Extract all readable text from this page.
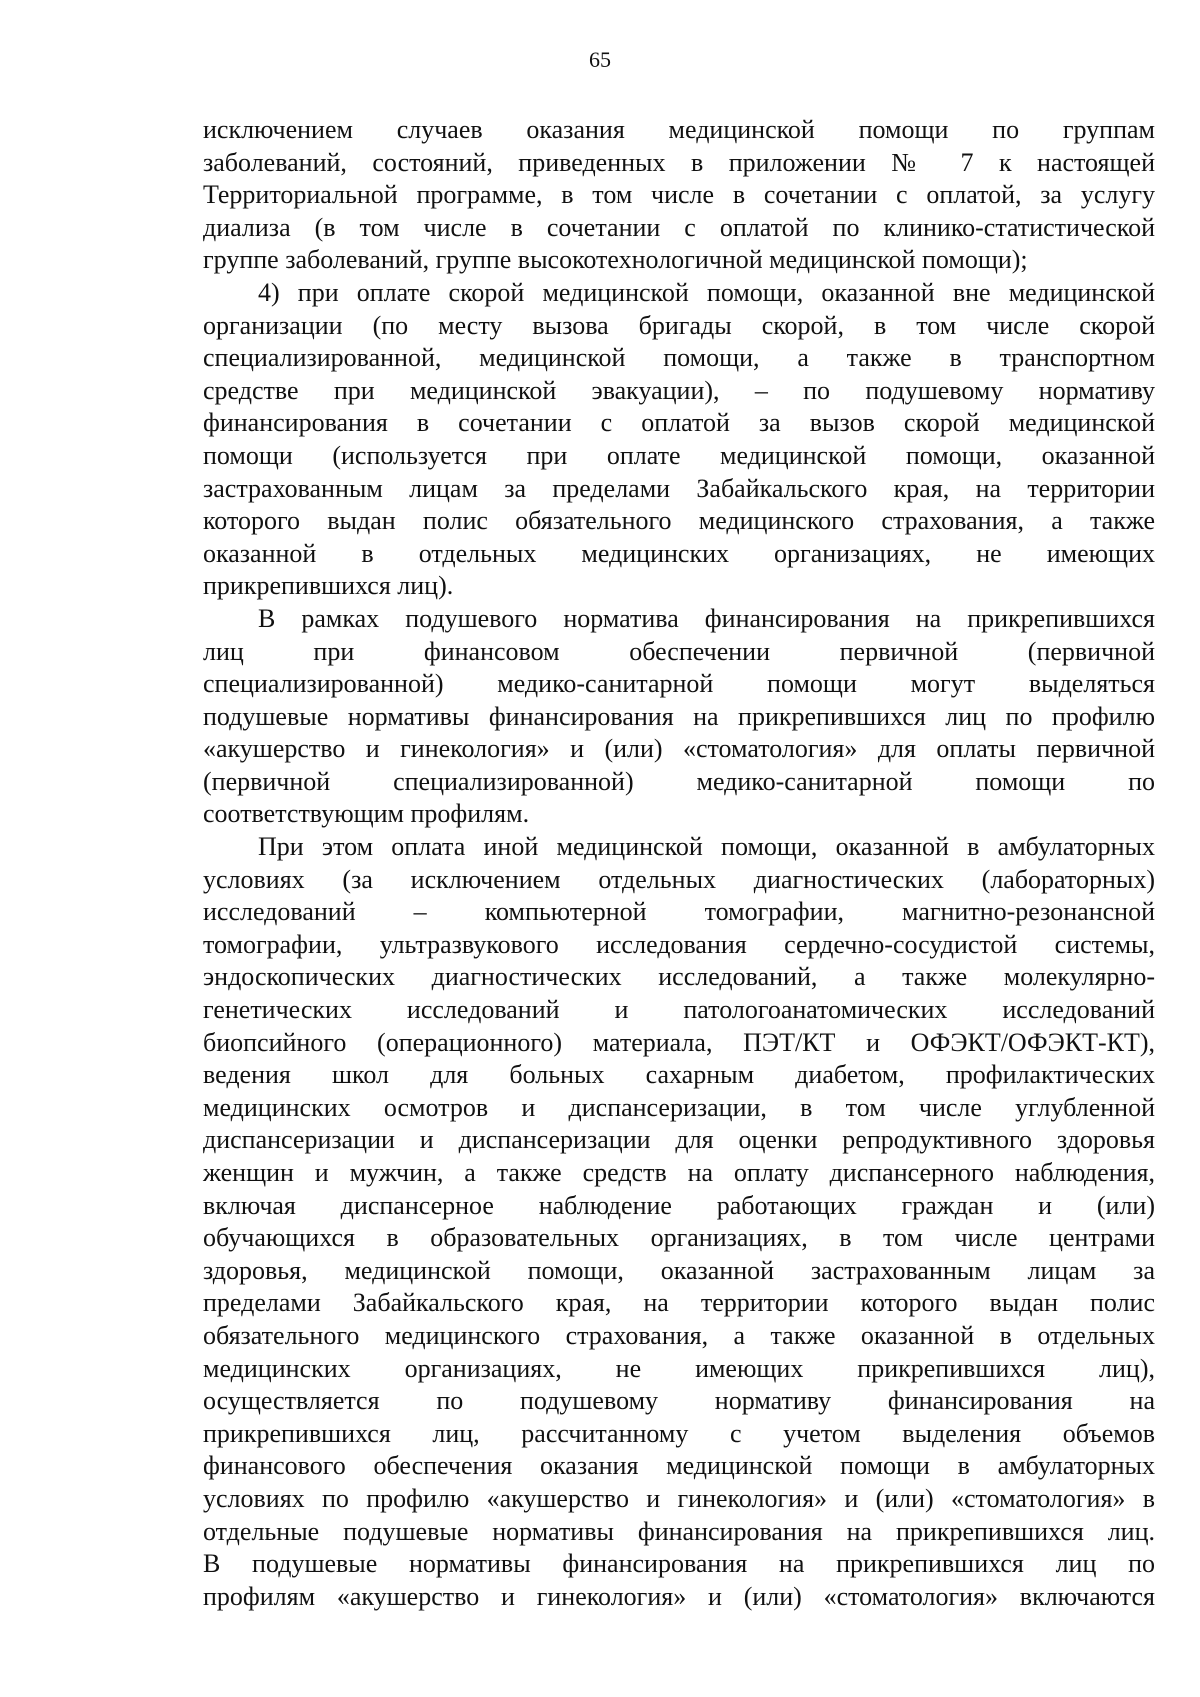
65
исключением случаев оказания медицинской помощи по группам
заболеваний, состояний, приведенных в приложении № 7 к настоящей
Территориальной программе, в том числе в сочетании с оплатой, за услугу
диализа (в том числе в сочетании с оплатой по клинико-статистической
группе заболеваний, группе высокотехнологичной медицинской помощи);
4) при оплате скорой медицинской помощи, оказанной вне медицинской
организации (по месту вызова бригады скорой, в том числе скорой
специализированной, медицинской помощи, а также в транспортном
средстве при медицинской эвакуации), – по подушевому нормативу
финансирования в сочетании с оплатой за вызов скорой медицинской
помощи (используется при оплате медицинской помощи, оказанной
застрахованным лицам за пределами Забайкальского края, на территории
которого выдан полис обязательного медицинского страхования, а также
оказанной в отдельных медицинских организациях, не имеющих
прикрепившихся лиц).
В рамках подушевого норматива финансирования на прикрепившихся
лиц при финансовом обеспечении первичной (первичной
специализированной) медико-санитарной помощи могут выделяться
подушевые нормативы финансирования на прикрепившихся лиц по профилю
«акушерство и гинекология» и (или) «стоматология» для оплаты первичной
(первичной специализированной) медико-санитарной помощи по
соответствующим профилям.
При этом оплата иной медицинской помощи, оказанной в амбулаторных
условиях (за исключением отдельных диагностических (лабораторных)
исследований – компьютерной томографии, магнитно-резонансной
томографии, ультразвукового исследования сердечно-сосудистой системы,
эндоскопических диагностических исследований, а также молекулярно-
генетических исследований и патологоанатомических исследований
биопсийного (операционного) материала, ПЭТ/КТ и ОФЭКТ/ОФЭКТ-КТ),
ведения школ для больных сахарным диабетом, профилактических
медицинских осмотров и диспансеризации, в том числе углубленной
диспансеризации и диспансеризации для оценки репродуктивного здоровья
женщин и мужчин, а также средств на оплату диспансерного наблюдения,
включая диспансерное наблюдение работающих граждан и (или)
обучающихся в образовательных организациях, в том числе центрами
здоровья, медицинской помощи, оказанной застрахованным лицам за
пределами Забайкальского края, на территории которого выдан полис
обязательного медицинского страхования, а также оказанной в отдельных
медицинских организациях, не имеющих прикрепившихся лиц),
осуществляется по подушевому нормативу финансирования на
прикрепившихся лиц, рассчитанному с учетом выделения объемов
финансового обеспечения оказания медицинской помощи в амбулаторных
условиях по профилю «акушерство и гинекология» и (или) «стоматология» в
отдельные подушевые нормативы финансирования на прикрепившихся лиц.
В подушевые нормативы финансирования на прикрепившихся лиц по
профилям «акушерство и гинекология» и (или) «стоматология» включаются
